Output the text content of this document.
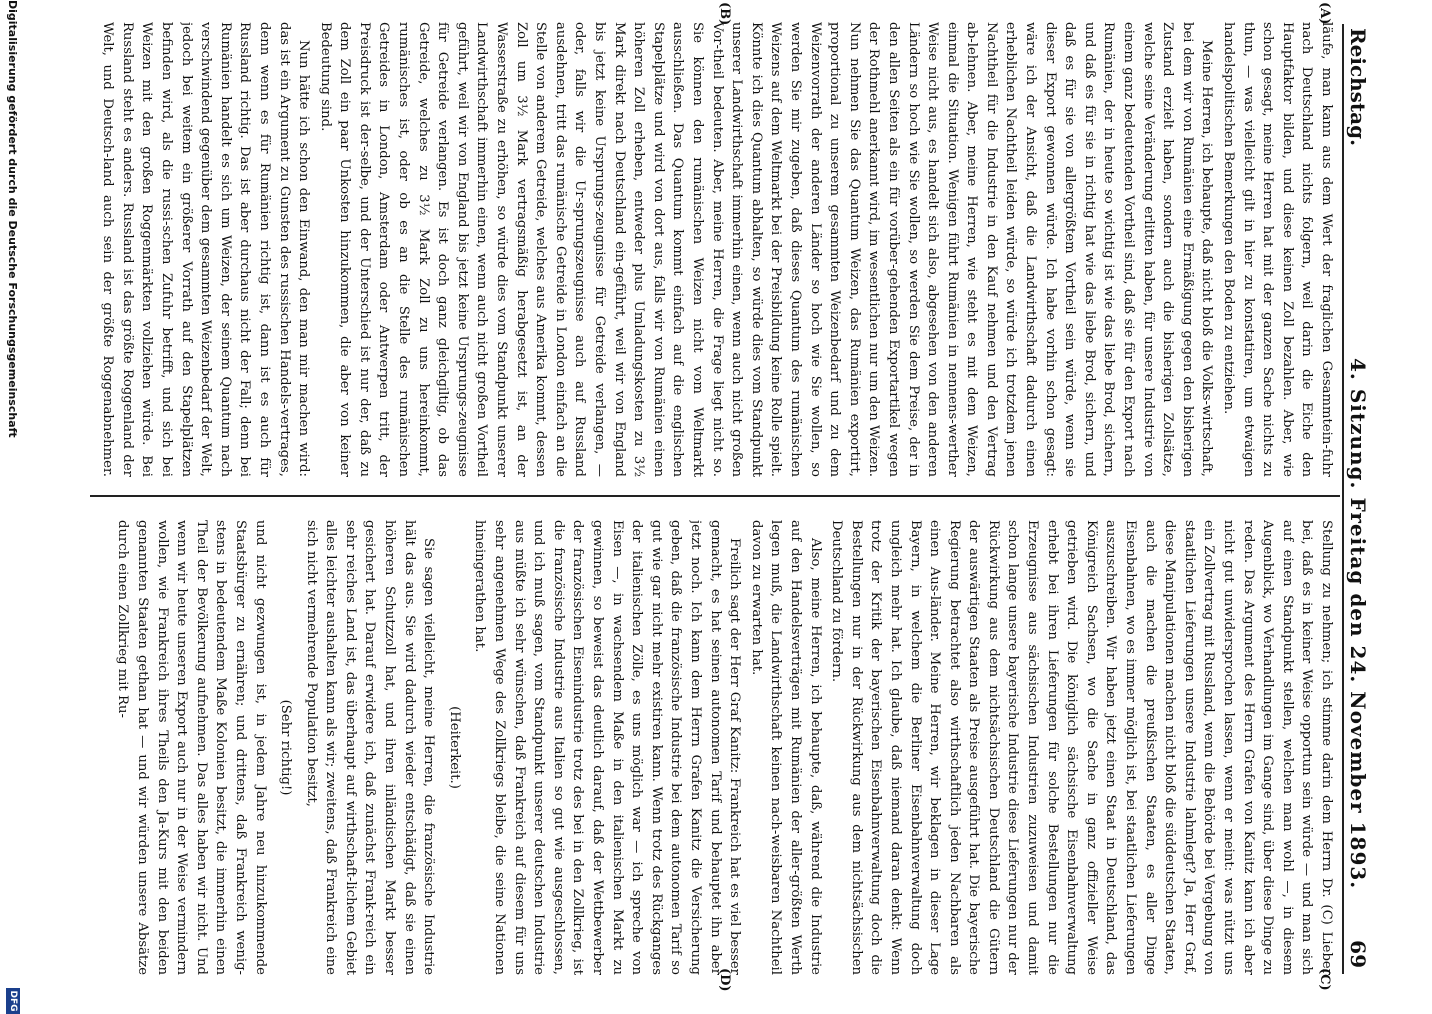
Reichstag.
4. Sitzung. Freitag den 24. November 1893.
69
(A)
(B)
(C)
(D)

läufe, man kann aus dem Wert der fraglichen Gesammtein-fuhr nach Deutschland nichts folgern, weil darin die Eiche den Hauptfaktor bilden, und diese keinen Zoll bezahlen. Aber, wie schon gesagt, meine Herren hat mit der ganzen Sache nichts zu thun, — was vielleicht gilt in hier zu konstatiren, um etwaigen handelspolitischen Bemerkungen den Boden zu entziehen.

Meine Herren, ich behaupte, daß nicht bloß die Volks-wirtschaft, bei dem wir von Rumänien eine Ermäßigung gegen den bisherigen Zustand erzielt haben, sondern auch die bisherigen Zollsätze, welche seine Veränderung erlitten haben, für unsere Industrie von einem ganz bedeutenden Vortheil sind, daß sie für den Export nach Rumänien, der in heute so wichtig ist wie das liebe Brod, sichern, und daß es für sie in richtig hat wie das liebe Brod, sichern, und daß es für sie von allergrößtem Vortheil sein würde, wenn sie dieser Export gewonnen würde. Ich habe vorhin schon gesagt: wäre ich der Ansicht, daß die Landwirthschaft dadurch einen erheblichen Nachtheil leiden würde, so würde ich trotzdem jenen Nachtheil für die Industrie in den Kauf nehmen und den Vertrag ab-lehnen. Aber, meine Herren, wie steht es mit dem Weizen, einmal die Situation. Wenigen führt Rumänien in nennens-werther Weise nicht aus, es handelt sich also, abgesehen von den anderen Ländern so hoch wie Sie wollen, so werden Sie dem Preise, der in den allen Seiten als ein für vorüber-gehenden Exportartikel wegen der Rothmehl anerkannt wird, im wesentlichen nur um den Weizen. Nun nehmen Sie das Quantum Weizen, das Rumänien exportirt, proportional zu unserem gesammten Weizenbedarf und zu dem Weizenvorrath der anderen Länder so hoch wie Sie wollen, so werden Sie mir zugeben, daß dieses Quantum des rumänischen Weizens auf dem Weltmarkt bei der Preisbildung keine Rolle spielt. Könnte ich dies Quantum abhalten, so würde dies vom Standpunkt unserer Landwirthschaft immerhin einen, wenn auch nicht großen Vor-theil bedeuten. Aber, meine Herren, die Frage liegt nicht so. Sie können den rumänischen Weizen nicht vom Weltmarkt ausschließen. Das Quantum kommt einfach auf die englischen Stapelplätze und wird von dort aus, falls wir von Rumänien einen höheren Zoll erheben, entweder plus Umladungskosten zu 3½ Mark direkt nach Deutschland ein-geführt, weil wir von England bis jetzt keine Ursprungs-zeugnisse für Getreide verlangen, — oder, falls wir die Ur-sprungszeugnisse auch auf Russland ausdehnen, tritt das rumänische Getreide in London einfach an die Stelle von anderem Getreide, welches aus Amerika kommt, dessen Zoll um 3½ Mark vertragsmäßig herabgesetzt ist, an der Wasserstraße zu erhöhen, so würde dies vom Standpunkt unserer Landwirthschaft immerhin einen, wenn auch nicht großen Vortheil geführt, weil wir von England bis jetzt keine Ursprungs-zeugnisse für Getreide verlangen. Es ist doch ganz gleichgiltig, ob das Getreide, welches zu 3½ Mark Zoll zu uns hereinkommt, rumänisches ist, oder ob es an die Stelle des rumänischen Getreides in London, Amsterdam oder Antwerpen tritt, der Preisdruck ist der-selbe, und der Unterschied ist nur der, daß zu dem Zoll ein paar Unkosten hinzukommen, die aber von keiner Bedeutung sind.

Nun hätte ich schon den Einwand, den man mir machen wird: das ist ein Argument zu Gunsten des russischen Handels-vertrages, denn wenn es für Rumänien richtig ist, dann ist es auch für Russland richtig. Das ist aber durchaus nicht der Fall; denn bei Rumänien handelt es sich um Weizen, der seinem Quantum nach verschwindend gegenüber dem gesammten Weizenbedarf der Welt, jedoch bei weitem ein größerer Vorrath auf den Stapelplätzen befinden wird, als die russi-schen Zufuhr betrifft, und sich bei Weizen mit den großen Roggenmärkten vollziehen würde. Bei Russland steht es anders. Russland ist das größte Roggenland der Welt, und Deutsch-land auch sein der größte Roggenabnehmer.

Stellung zu nehmen; ich stimme darin dem Herrn Dr. (C) Lieber bei, daß es in keiner Weise opportun sein würde — und man sich auf einen Standpunkt stellen, welchen man wohl —, in diesem Augenblick, wo Verhandlungen im Gange sind, über diese Dinge zu reden. Das Argument des Herrn Grafen von Kanitz kann ich aber nicht gut unwidersprochen lassen, wenn er meint: was nützt uns ein Zollvertrag mit Russland, wenn die Behörde bei Vergebung von staatlichen Lieferungen unsere Industrie lahmlegt? Ja, Herr Graf, diese Manipulationen machen nicht bloß die süddeutschen Staaten, auch die machen die preußischen Staaten, es aller Dinge Eisenbahnen, wo es immer möglich ist, bei staatlichen Lieferungen auszuschreiben. Wir haben jetzt einen Staat in Deutschland, das Königreich Sachsen, wo die Sache in ganz offizieller Weise getrieben wird. Die königlich sächsische Eisenbahnverwaltung erhebt bei ihren Lieferungen für solche Bestellungen nur die Erzeugnisse aus sächsischen Industrien zuzuweisen und damit schon lange unsere bayerische Industrie diese Lieferungen nur der Rückwirkung aus dem nichtsächsischen Deutschland die Gütern der auswärtigen Staaten als Preise ausgeführt hat. Die bayerische Regierung betrachtet also wirthschaftlich jeden Nachbaren als einen Aus-länder. Meine Herren, wir beklagen in dieser Lage Bayern, in welchem die Berliner Eisenbahnverwaltung doch ungleich mehr hat. Ich glaube, daß niemand daran denkt: Wenn trotz der Kritik der bayerischen Eisenbahnverwaltung doch die Bestellungen nur in der Rückwirkung aus dem nichtsächsischen Deutschland zu fördern.

Also, meine Herren, ich behaupte, daß, während die Industrie auf den Handelsverträgen mit Rumänien der aller-größten Werth legen muß, die Landwirthschaft keinen nach-weisbaren Nachtheil davon zu erwarten hat.

Freilich sagt der Herr Graf Kanitz: Frankreich hat es viel besser gemacht, es hat seinen autonomen Tarif und behauptet ihn aber jetzt noch. Ich kann dem Herrn Grafen Kanitz die Versicherung geben, daß die französische Industrie bei dem autonomen Tarif so gut wie gar nicht mehr existiren kann. Wenn trotz des Rückganges der italienischen Zölle, es uns möglich war — ich spreche von Eisen —, in wachsendem Maße in den italienischen Markt zu gewinnen, so beweist das deutlich darauf, daß der Wettbewerber der französischen Eisenindustrie trotz des bei in den Zollkrieg, ist die französische Industrie aus Italien so gut wie ausgeschlossen, und ich muß sagen, vom Standpunkt unserer deutschen Industrie aus müßte ich sehr wünschen, daß Frankreich auf diesem für uns sehr angenehmen Wege des Zollkriegs bleibe, die seine Nationen hineingerathen hat.

(Heiterkeit.)

Sie sagen vielleicht, meine Herren, die französische Industrie hält das aus. Sie wird dadurch wieder entschädigt, daß sie einen höheren Schutzzoll hat, und ihren inländischen Markt besser gesichert hat. Darauf erwidere ich, daß zunächst Frank-reich ein sehr reiches Land ist, das überhaupt auf wirthschaft-lichem Gebiet alles leichter aushalten kann als wir; zweitens, daß Frankreich eine sich nicht vermehrende Population besitzt,

(Sehr richtig!)

und nicht gezwungen ist, in jedem Jahre neu hinzukommende Staatsbürger zu ernähren; und drittens, daß Frankreich wenig-stens in bedeutendem Maße Kolonien besitzt, die immerhin einen Theil der Bevölkerung aufnehmen. Das alles haben wir nicht. Und wenn wir heute unseren Export auch nur in der Weise vermindern wollen, wie Frankreich ihres Theils den Ja-Kurs mit den beiden genannten Staaten gethan hat — und wir würden unsere Absätze durch einen Zollkrieg mit Ru-

Digitalisierung gefördert durch die Deutsche Forschungsgemeinschaft
DFG
